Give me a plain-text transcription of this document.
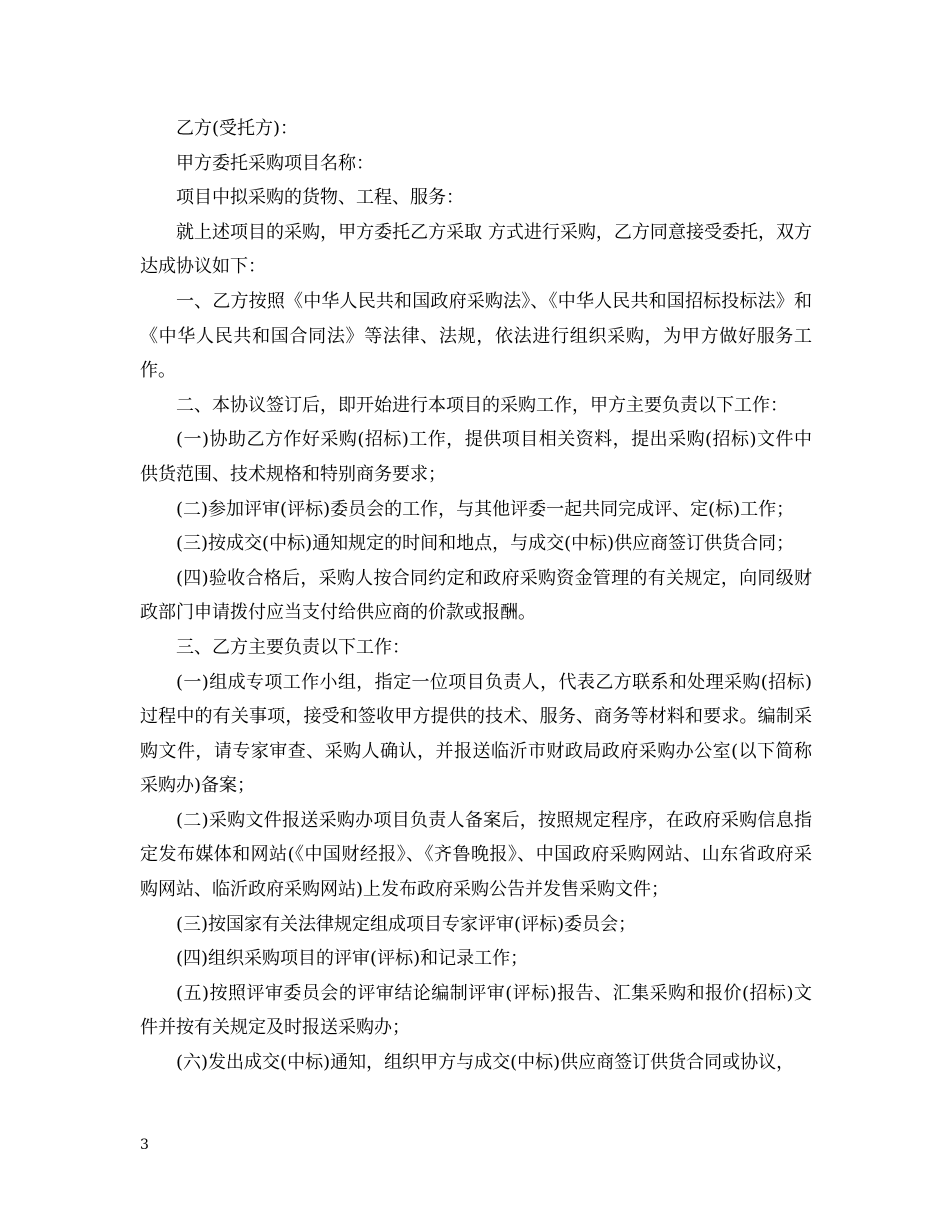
乙方(受托方)：

甲方委托采购项目名称：

项目中拟采购的货物、工程、服务：

就上述项目的采购，甲方委托乙方采取 方式进行采购，乙方同意接受委托，双方达成协议如下：

一、乙方按照《中华人民共和国政府采购法》、《中华人民共和国招标投标法》和《中华人民共和国合同法》等法律、法规，依法进行组织采购，为甲方做好服务工作。

二、本协议签订后，即开始进行本项目的采购工作，甲方主要负责以下工作：

(一)协助乙方作好采购(招标)工作，提供项目相关资料，提出采购(招标)文件中供货范围、技术规格和特别商务要求；

(二)参加评审(评标)委员会的工作，与其他评委一起共同完成评、定(标)工作；

(三)按成交(中标)通知规定的时间和地点，与成交(中标)供应商签订供货合同；

(四)验收合格后，采购人按合同约定和政府采购资金管理的有关规定，向同级财政部门申请拨付应当支付给供应商的价款或报酬。

三、乙方主要负责以下工作：

(一)组成专项工作小组，指定一位项目负责人，代表乙方联系和处理采购(招标)过程中的有关事项，接受和签收甲方提供的技术、服务、商务等材料和要求。编制采购文件，请专家审查、采购人确认，并报送临沂市财政局政府采购办公室(以下简称采购办)备案；

(二)采购文件报送采购办项目负责人备案后，按照规定程序，在政府采购信息指定发布媒体和网站(《中国财经报》、《齐鲁晚报》、中国政府采购网站、山东省政府采购网站、临沂政府采购网站)上发布政府采购公告并发售采购文件；

(三)按国家有关法律规定组成项目专家评审(评标)委员会；

(四)组织采购项目的评审(评标)和记录工作；

(五)按照评审委员会的评审结论编制评审(评标)报告、汇集采购和报价(招标)文件并按有关规定及时报送采购办；

(六)发出成交(中标)通知，组织甲方与成交(中标)供应商签订供货合同或协议，

3
